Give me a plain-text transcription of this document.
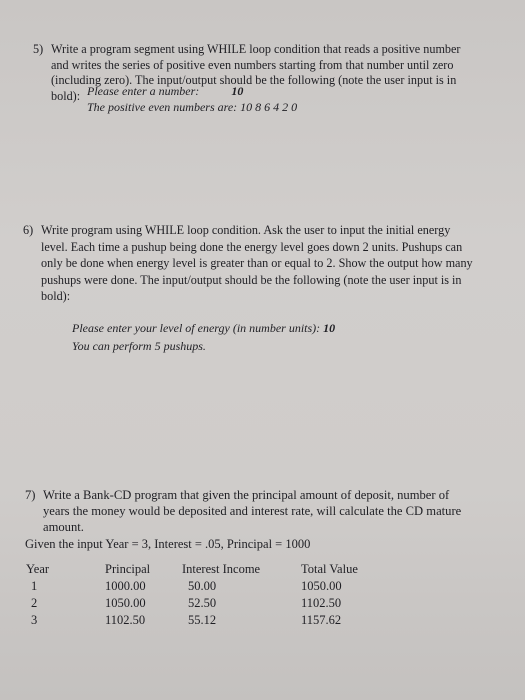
5) Write a program segment using WHILE loop condition that reads a positive number and writes the series of positive even numbers starting from that number until zero (including zero). The input/output should be the following (note the user input is in bold): Please enter a number:	10
The positive even numbers are: 10 8 6 4 2 0
6) Write program using WHILE loop condition. Ask the user to input the initial energy level. Each time a pushup being done the energy level goes down 2 units. Pushups can only be done when energy level is greater than or equal to 2. Show the output how many pushups were done. The input/output should be the following (note the user input is in bold):
Please enter your level of energy (in number units): 10
You can perform 5 pushups.
7) Write a Bank-CD program that given the principal amount of deposit, number of years the money would be deposited and interest rate, will calculate the CD mature amount.
Given the input Year = 3, Interest = .05, Principal = 1000
Year	Principal	Interest Income	Total Value
1	1000.00	50.00	1050.00
2	1050.00	52.50	1102.50
3	1102.50	55.12	1157.62
